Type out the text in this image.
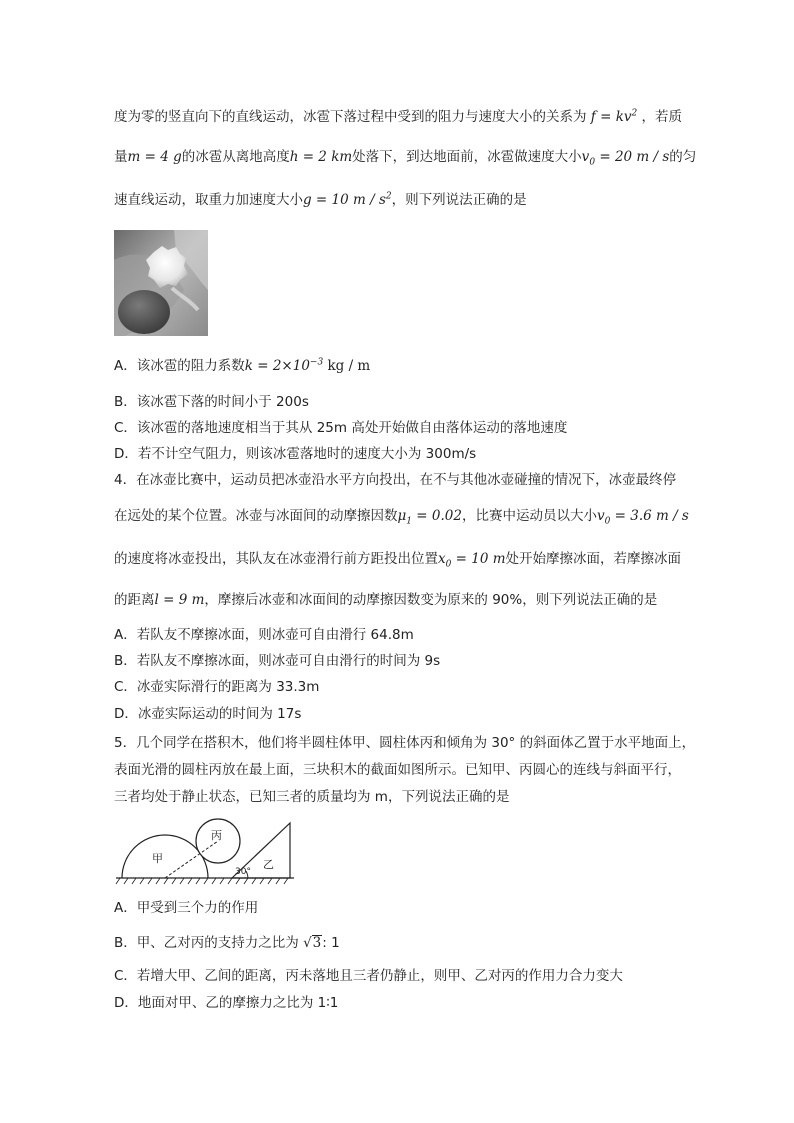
度为零的竖直向下的直线运动，冰雹下落过程中受到的阻力与速度大小的关系为 $f = kv^2$ ，若质
量m = 4 g的冰雹从离地高度h = 2 km处落下，到达地面前，冰雹做速度大小$v_0 = 20$ m / s的匀
速直线运动，取重力加速度大小g = 10 m / $s^2$，则下列说法正确的是
A．该冰雹的阻力系数$k = 2\times 10^{-3}$ kg / m
B．该冰雹下落的时间小于 200s
C．该冰雹的落地速度相当于其从 25m 高处开始做自由落体运动的落地速度
D．若不计空气阻力，则该冰雹落地时的速度大小为 300m/s
4．在冰壶比赛中，运动员把冰壶沿水平方向投出，在不与其他冰壶碰撞的情况下，冰壶最终停
在远处的某个位置。冰壶与冰面间的动摩擦因数$\mu_1 = 0.02$，比赛中运动员以大小$v_0 = 3.6$ m / s
的速度将冰壶投出，其队友在冰壶滑行前方距投出位置$x_0 = 10$ m处开始摩擦冰面，若摩擦冰面
的距离l = 9 m，摩擦后冰壶和冰面间的动摩擦因数变为原来的 90%，则下列说法正确的是
A．若队友不摩擦冰面，则冰壶可自由滑行 64.8m
B．若队友不摩擦冰面，则冰壶可自由滑行的时间为 9s
C．冰壶实际滑行的距离为 33.3m
D．冰壶实际运动的时间为 17s
5．几个同学在搭积木，他们将半圆柱体甲、圆柱体丙和倾角为 30° 的斜面体乙置于水平地面上，
表面光滑的圆柱丙放在最上面，三块积木的截面如图所示。已知甲、丙圆心的连线与斜面平行，
三者均处于静止状态，已知三者的质量均为 m，下列说法正确的是
甲
丙
乙
30°
A．甲受到三个力的作用
B．甲、乙对丙的支持力之比为 √3: 1
C．若增大甲、乙间的距离，丙未落地且三者仍静止，则甲、乙对丙的作用力合力变大
D．地面对甲、乙的摩擦力之比为 1∶1
